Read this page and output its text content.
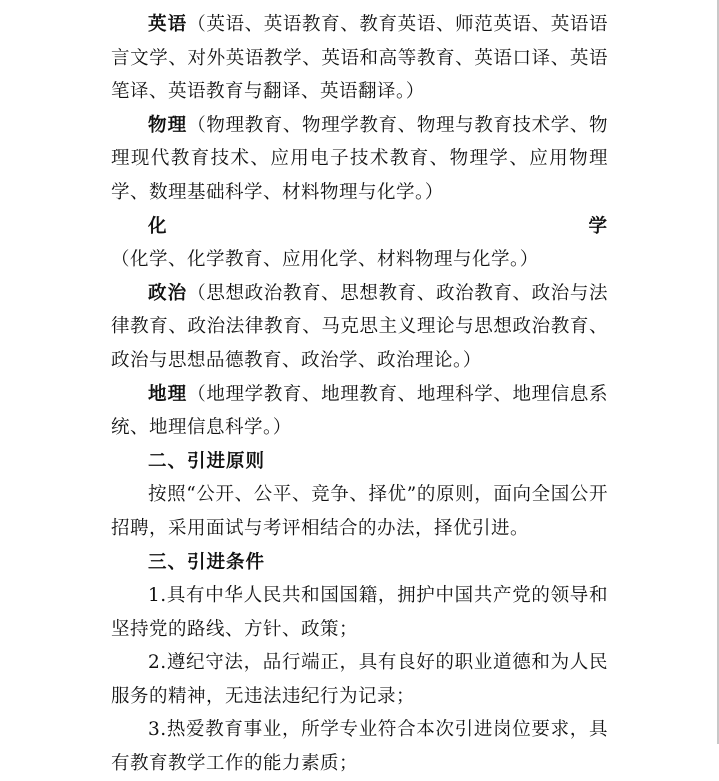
英语（英语、英语教育、教育英语、师范英语、英语语言文学、对外英语教学、英语和高等教育、英语口译、英语笔译、英语教育与翻译、英语翻译。）

物理（物理教育、物理学教育、物理与教育技术学、物理现代教育技术、应用电子技术教育、物理学、应用物理学、数理基础科学、材料物理与化学。）

化学（化学、化学教育、应用化学、材料物理与化学。）

政治（思想政治教育、思想教育、政治教育、政治与法律教育、政治法律教育、马克思主义理论与思想政治教育、政治与思想品德教育、政治学、政治理论。）

地理（地理学教育、地理教育、地理科学、地理信息系统、地理信息科学。）

二、引进原则

按照“公开、公平、竞争、择优”的原则，面向全国公开招聘，采用面试与考评相结合的办法，择优引进。

三、引进条件

1.具有中华人民共和国国籍，拥护中国共产党的领导和坚持党的路线、方针、政策；

2.遵纪守法，品行端正，具有良好的职业道德和为人民服务的精神，无违法违纪行为记录；

3.热爱教育事业，所学专业符合本次引进岗位要求，具有教育教学工作的能力素质；
